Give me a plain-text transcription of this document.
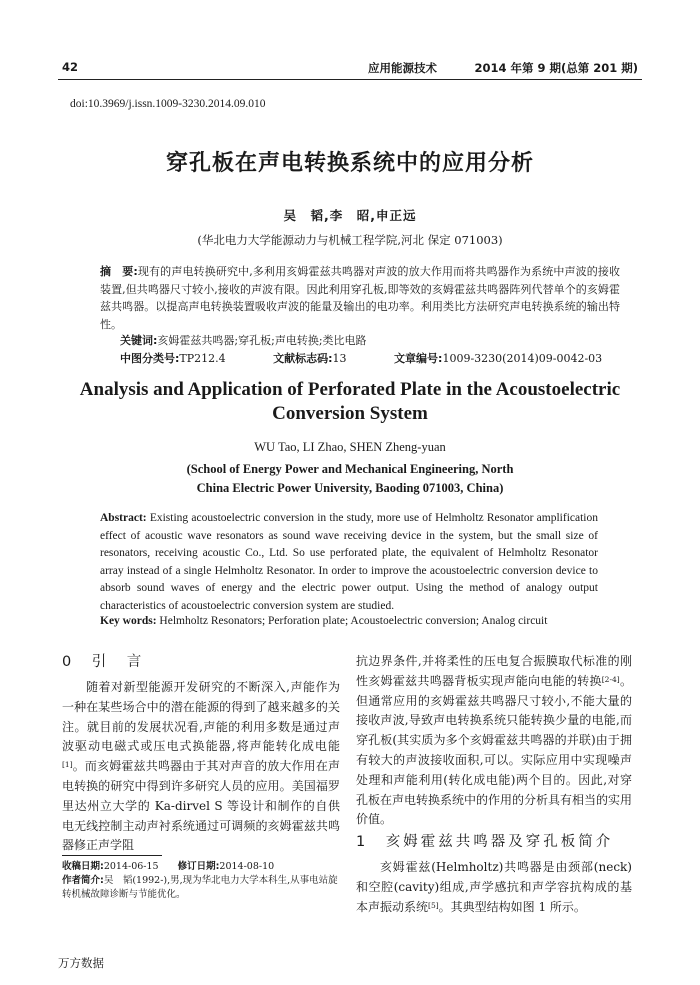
42	应用能源技术	2014 年第 9 期(总第 201 期)
doi:10.3969/j.issn.1009-3230.2014.09.010
穿孔板在声电转换系统中的应用分析
吴　韬,李　昭,申正远
(华北电力大学能源动力与机械工程学院,河北 保定 071003)
摘　要:现有的声电转换研究中,多利用亥姆霍兹共鸣器对声波的放大作用而将共鸣器作为系统中声波的接收装置,但共鸣器尺寸较小,接收的声波有限。因此利用穿孔板,即等效的亥姆霍兹共鸣器阵列代替单个的亥姆霍兹共鸣器。以提高声电转换装置吸收声波的能量及输出的电功率。利用类比方法研究声电转换系统的输出特性。
关键词:亥姆霍兹共鸣器;穿孔板;声电转换;类比电路
中图分类号:TP212.4	文献标志码:13	文章编号:1009-3230(2014)09-0042-03
Analysis and Application of Perforated Plate in the Acoustoelectric Conversion System
WU Tao, LI Zhao, SHEN Zheng-yuan
(School of Energy Power and Mechanical Engineering, North China Electric Power University, Baoding 071003, China)
Abstract: Existing acoustoelectric conversion in the study, more use of Helmholtz Resonator amplification effect of acoustic wave resonators as sound wave receiving device in the system, but the small size of resonators, receiving acoustic Co., Ltd. So use perforated plate, the equivalent of Helmholtz Resonator array instead of a single Helmholtz Resonator. In order to improve the acoustoelectric conversion device to absorb sound waves of energy and the electric power output. Using the method of analogy output characteristics of acoustoelectric conversion system are studied.
Key words: Helmholtz Resonators; Perforation plate; Acoustoelectric conversion; Analog circuit
0　引　言

随着对新型能源开发研究的不断深入,声能作为一种在某些场合中的潜在能源的得到了越来越多的关注。就目前的发展状况看,声能的利用多数是通过声波驱动电磁式或压电式换能器,将声能转化成电能[1]。而亥姆霍兹共鸣器由于其对声音的放大作用在声电转换的研究中得到许多研究人员的应用。美国福罗里达州立大学的 Ka-dirvel S 等设计和制作的自供电无线控制主动声衬系统通过可调频的亥姆霍兹共鸣器修正声学阻

抗边界条件,并将柔性的压电复合振膜取代标准的刚性亥姆霍兹共鸣器背板实现声能向电能的转换[2-4]。但通常应用的亥姆霍兹共鸣器尺寸较小,不能大量的接收声波,导致声电转换系统只能转换少量的电能,而穿孔板(其实质为多个亥姆霍兹共鸣器的并联)由于拥有较大的声波接收面积,可以。实际应用中实现噪声处理和声能利用(转化成电能)两个目的。因此,对穿孔板在声电转换系统中的作用的分析具有相当的实用价值。

1　亥姆霍兹共鸣器及穿孔板简介

亥姆霍兹(Helmholtz)共鸣器是由颈部(neck)和空腔(cavity)组成,声学感抗和声学容抗构成的基本声振动系统[5]。其典型结构如图 1 所示。

收稿日期:2014-06-15　　 修订日期:2014-08-10
作者简介:吴　韬(1992-),男,现为华北电力大学本科生,从事电站旋转机械故障诊断与节能优化。
万方数据
